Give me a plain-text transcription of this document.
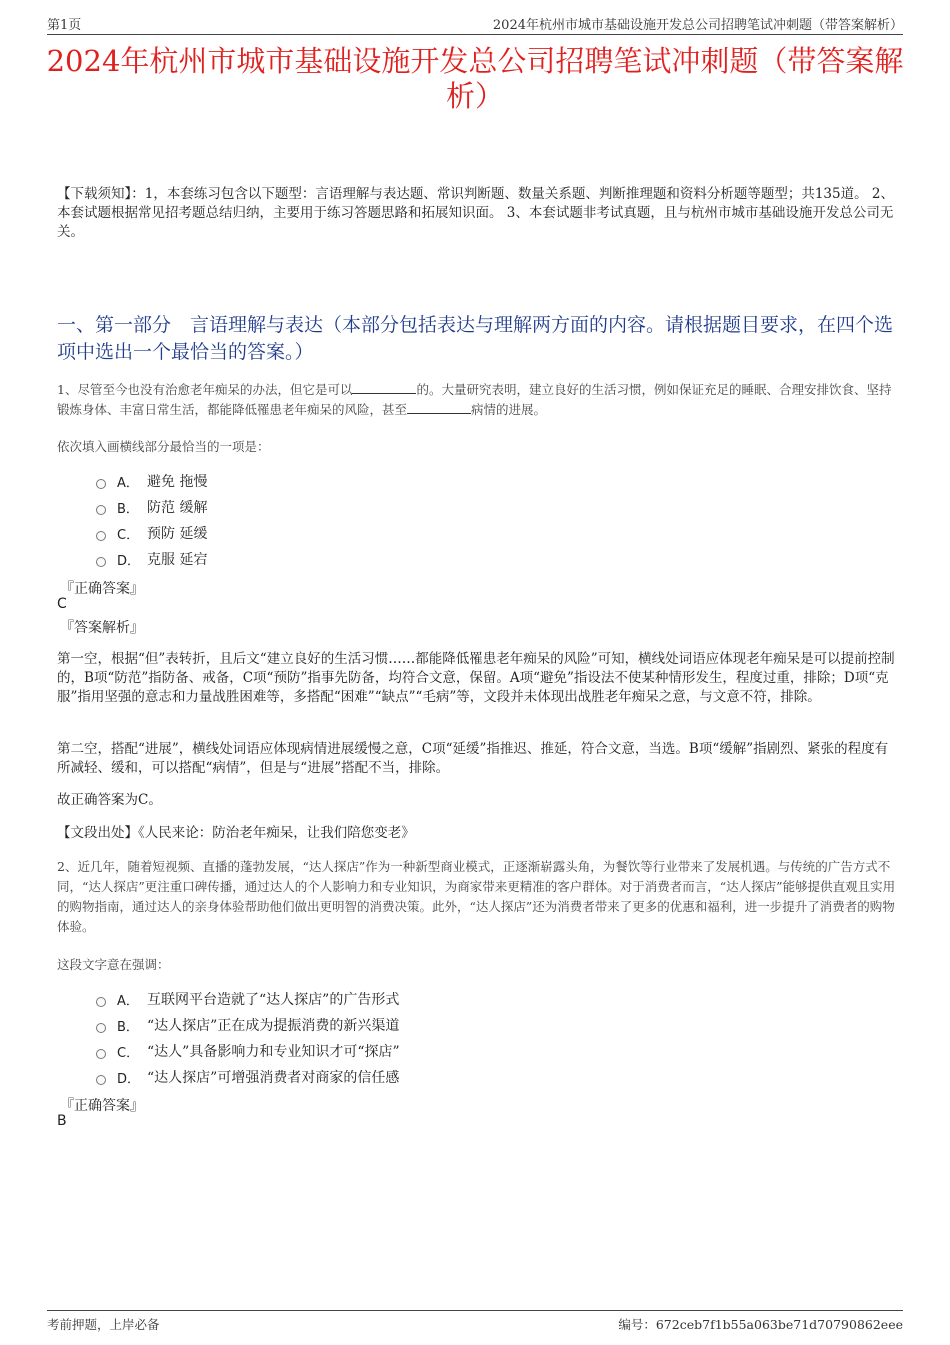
第1页	2024年杭州市城市基础设施开发总公司招聘笔试冲刺题（带答案解析）
2024年杭州市城市基础设施开发总公司招聘笔试冲刺题（带答案解析）
【下载须知】：1，本套练习包含以下题型：言语理解与表达题、常识判断题、数量关系题、判断推理题和资料分析题等题型；共135道。 2、本套试题根据常见招考题总结归纳，主要用于练习答题思路和拓展知识面。 3、本套试题非考试真题，且与杭州市城市基础设施开发总公司无关。
一、第一部分　言语理解与表达（本部分包括表达与理解两方面的内容。请根据题目要求，在四个选项中选出一个最恰当的答案。）
1、尽管至今也没有治愈老年痴呆的办法，但它是可以	的。大量研究表明，建立良好的生活习惯，例如保证充足的睡眠、合理安排饮食、坚持锻炼身体、丰富日常生活，都能降低罹患老年痴呆的风险，甚至	病情的进展。
依次填入画横线部分最恰当的一项是：
A． 避免 拖慢
B． 防范 缓解
C． 预防 延缓
D． 克服 延宕
『正确答案』
C
『答案解析』
第一空，根据“但”表转折，且后文“建立良好的生活习惯……都能降低罹患老年痴呆的风险”可知，横线处词语应体现老年痴呆是可以提前控制的，B项“防范”指防备、戒备，C项“预防”指事先防备，均符合文意，保留。A项“避免”指设法不使某种情形发生，程度过重，排除；D项“克服”指用坚强的意志和力量战胜困难等，多搭配“困难”“缺点”“毛病”等，文段并未体现出战胜老年痴呆之意，与文意不符，排除。
第二空，搭配“进展”，横线处词语应体现病情进展缓慢之意，C项“延缓”指推迟、推延，符合文意，当选。B项“缓解”指剧烈、紧张的程度有所减轻、缓和，可以搭配“病情”，但是与“进展”搭配不当，排除。
故正确答案为C。
【文段出处】《人民来论：防治老年痴呆，让我们陪您变老》
2、近几年，随着短视频、直播的蓬勃发展，“达人探店”作为一种新型商业模式，正逐渐崭露头角，为餐饮等行业带来了发展机遇。与传统的广告方式不同，“达人探店”更注重口碑传播，通过达人的个人影响力和专业知识，为商家带来更精准的客户群体。对于消费者而言，“达人探店”能够提供直观且实用的购物指南，通过达人的亲身体验帮助他们做出更明智的消费决策。此外，“达人探店”还为消费者带来了更多的优惠和福利，进一步提升了消费者的购物体验。
这段文字意在强调：
A． 互联网平台造就了“达人探店”的广告形式
B． “达人探店”正在成为提振消费的新兴渠道
C． “达人”具备影响力和专业知识才可“探店”
D． “达人探店”可增强消费者对商家的信任感
『正确答案』
B
考前押题，上岸必备	编号：672ceb7f1b55a063be71d70790862eee
